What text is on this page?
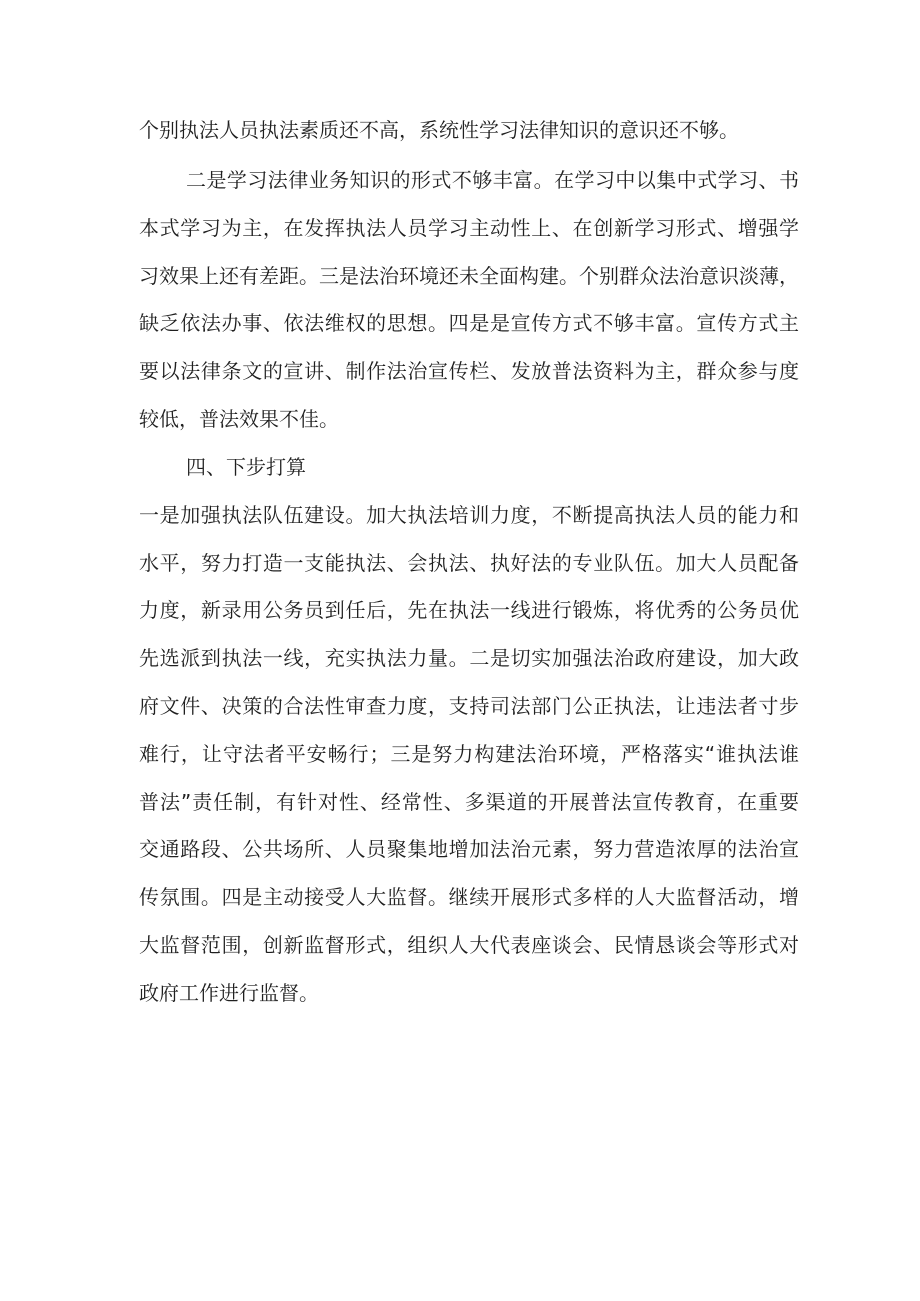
个别执法人员执法素质还不高，系统性学习法律知识的意识还不够。
二是学习法律业务知识的形式不够丰富。在学习中以集中式学习、书
本式学习为主，在发挥执法人员学习主动性上、在创新学习形式、增强学
习效果上还有差距。三是法治环境还未全面构建。个别群众法治意识淡薄，
缺乏依法办事、依法维权的思想。四是是宣传方式不够丰富。宣传方式主
要以法律条文的宣讲、制作法治宣传栏、发放普法资料为主，群众参与度
较低，普法效果不佳。
四、下步打算
一是加强执法队伍建设。加大执法培训力度，不断提高执法人员的能力和
水平，努力打造一支能执法、会执法、执好法的专业队伍。加大人员配备
力度，新录用公务员到任后，先在执法一线进行锻炼，将优秀的公务员优
先选派到执法一线，充实执法力量。二是切实加强法治政府建设，加大政
府文件、决策的合法性审查力度，支持司法部门公正执法，让违法者寸步
难行，让守法者平安畅行；三是努力构建法治环境，严格落实“谁执法谁
普法”责任制，有针对性、经常性、多渠道的开展普法宣传教育，在重要
交通路段、公共场所、人员聚集地增加法治元素，努力营造浓厚的法治宣
传氛围。四是主动接受人大监督。继续开展形式多样的人大监督活动，增
大监督范围，创新监督形式，组织人大代表座谈会、民情恳谈会等形式对
政府工作进行监督。
